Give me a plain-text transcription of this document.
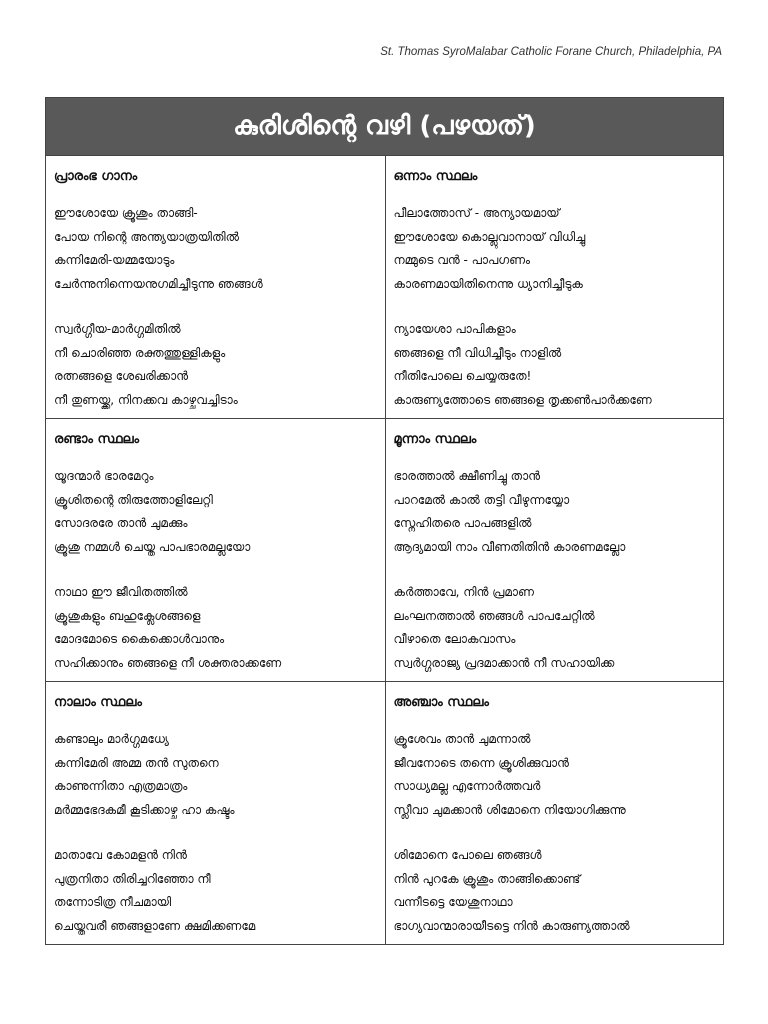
St. Thomas SyroMalabar Catholic Forane Church, Philadelphia, PA
കുരിശിന്റെ വഴി (പഴയത്)
പ്രാരംഭ ഗാനം
ഈശോയേ ക്രൂശും താങ്ങി-
പോയ നിന്റെ അന്ത്യയാത്രയിതിൽ
കന്നിമേരി-യമ്മയോടും
ചേർന്നുനിന്നെയനുഗമിച്ചീടുന്നു ഞങ്ങൾ
സ്വർഗ്ഗീയ-മാർഗ്ഗമിതിൽ
നീ ചൊരിഞ്ഞ രക്തത്തുള്ളികളും
രത്നങ്ങളെ ശേഖരിക്കാൻ
നീ തുണയ്ക്ക, നിനക്കവ കാഴ്ചവച്ചിടാം
ഒന്നാം സ്ഥലം
പീലാത്തോസ് - അന്യായമായ്
ഈശോയേ കൊല്ലുവാനായ് വിധിച്ചു
നമ്മുടെ വൻ - പാപഗണം
കാരണമായിതിനെന്നു ധ്യാനിച്ചീടുക
ന്യായേശാ പാപികളാം
ഞങ്ങളെ നീ വിധിച്ചീടും നാളിൽ
നീതിപോലെ ചെയ്യരുതേ!
കാരുണ്യത്തോടെ ഞങ്ങളെ തൃക്കൺപാർക്കണേ
രണ്ടാം സ്ഥലം
യൂദന്മാർ ഭാരമേറും
ക്രൂശിതന്റെ തിരുത്തോളിലേറ്റി
സോദരരേ താൻ ചുമക്കും
ക്രൂശു നമ്മൾ ചെയ്ത പാപഭാരമല്ലയോ
നാഥാ ഈ ജീവിതത്തിൽ
ക്രൂശുകളും ബഹുക്ലേശങ്ങളെ
മോദമോടെ കൈക്കൊൾവാനും
സഹിക്കാനും ഞങ്ങളെ നീ ശക്തരാക്കണേ
മൂന്നാം സ്ഥലം
ഭാരത്താൽ ക്ഷീണിച്ചു താൻ
പാറമേൽ കാൽ തട്ടി വീഴുന്നയ്യോ
സ്നേഹിതരെ പാപങ്ങളിൽ
ആദ്യമായി നാം വീണതിതിൻ കാരണമല്ലോ
കർത്താവേ, നിൻ പ്രമാണ
ലംഘനത്താൽ ഞങ്ങൾ പാപചേറ്റിൽ
വീഴാതെ ലോകവാസം
സ്വർഗ്ഗരാജ്യ പ്രദമാക്കാൻ നീ സഹായിക്ക
നാലാം സ്ഥലം
കണ്ടാലും മാർഗ്ഗമധ്യേ
കന്നിമേരി അമ്മ തൻ സുതനെ
കാണുന്നിതാ എത്രമാത്രം
മർമ്മഭേദകമീ കൂടിക്കാഴ്ച ഹാ കഷ്ടം
മാതാവേ കോമളൻ നിൻ
പുത്രനിതാ തിരിച്ചറിഞ്ഞോ നീ
തന്നോടിത്ര നീചമായി
ചെയ്തവരീ ഞങ്ങളാണേ ക്ഷമിക്കണമേ
അഞ്ചാം സ്ഥലം
ക്രൂശേവം താൻ ചുമന്നാൽ
ജീവനോടെ തന്നെ ക്രൂശിക്കുവാൻ
സാധ്യമല്ല എന്നോർത്തവർ
സ്ലീവാ ചുമക്കാൻ ശിമോനെ നിയോഗിക്കുന്നു
ശിമോനെ പോലെ ഞങ്ങൾ
നിൻ പുറകേ ക്രൂശും താങ്ങിക്കൊണ്ട്
വന്നീടട്ടെ യേശുനാഥാ
ഭാഗ്യവാന്മാരായീടട്ടെ നിൻ കാരുണ്യത്താൽ
